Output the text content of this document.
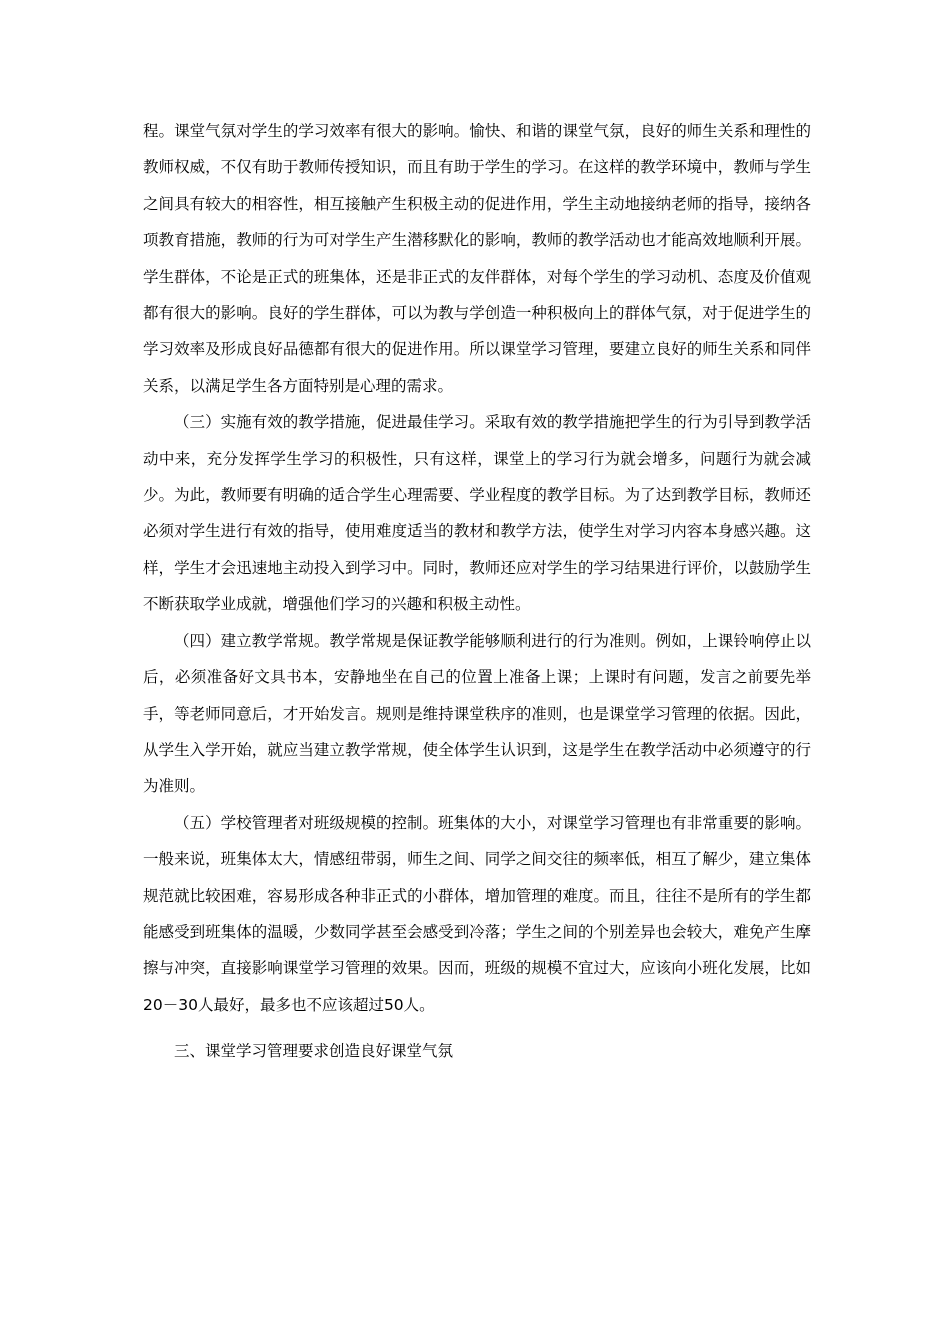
程。课堂气氛对学生的学习效率有很大的影响。愉快、和谐的课堂气氛，良好的师生关系和理性的教师权威，不仅有助于教师传授知识，而且有助于学生的学习。在这样的教学环境中，教师与学生之间具有较大的相容性，相互接触产生积极主动的促进作用，学生主动地接纳老师的指导，接纳各项教育措施，教师的行为可对学生产生潜移默化的影响，教师的教学活动也才能高效地顺利开展。学生群体，不论是正式的班集体，还是非正式的友伴群体，对每个学生的学习动机、态度及价值观都有很大的影响。良好的学生群体，可以为教与学创造一种积极向上的群体气氛，对于促进学生的学习效率及形成良好品德都有很大的促进作用。所以课堂学习管理，要建立良好的师生关系和同伴关系，以满足学生各方面特别是心理的需求。

（三）实施有效的教学措施，促进最佳学习。采取有效的教学措施把学生的行为引导到教学活动中来，充分发挥学生学习的积极性，只有这样，课堂上的学习行为就会增多，问题行为就会减少。为此，教师要有明确的适合学生心理需要、学业程度的教学目标。为了达到教学目标，教师还必须对学生进行有效的指导，使用难度适当的教材和教学方法，使学生对学习内容本身感兴趣。这样，学生才会迅速地主动投入到学习中。同时，教师还应对学生的学习结果进行评价，以鼓励学生不断获取学业成就，增强他们学习的兴趣和积极主动性。

（四）建立教学常规。教学常规是保证教学能够顺利进行的行为准则。例如，上课铃响停止以后，必须准备好文具书本，安静地坐在自己的位置上准备上课；上课时有问题，发言之前要先举手，等老师同意后，才开始发言。规则是维持课堂秩序的准则，也是课堂学习管理的依据。因此，从学生入学开始，就应当建立教学常规，使全体学生认识到，这是学生在教学活动中必须遵守的行为准则。

（五）学校管理者对班级规模的控制。班集体的大小，对课堂学习管理也有非常重要的影响。一般来说，班集体太大，情感纽带弱，师生之间、同学之间交往的频率低，相互了解少，建立集体规范就比较困难，容易形成各种非正式的小群体，增加管理的难度。而且，往往不是所有的学生都能感受到班集体的温暖，少数同学甚至会感受到冷落；学生之间的个别差异也会较大，难免产生摩擦与冲突，直接影响课堂学习管理的效果。因而，班级的规模不宜过大，应该向小班化发展，比如20－30人最好，最多也不应该超过50人。

三、课堂学习管理要求创造良好课堂气氛
